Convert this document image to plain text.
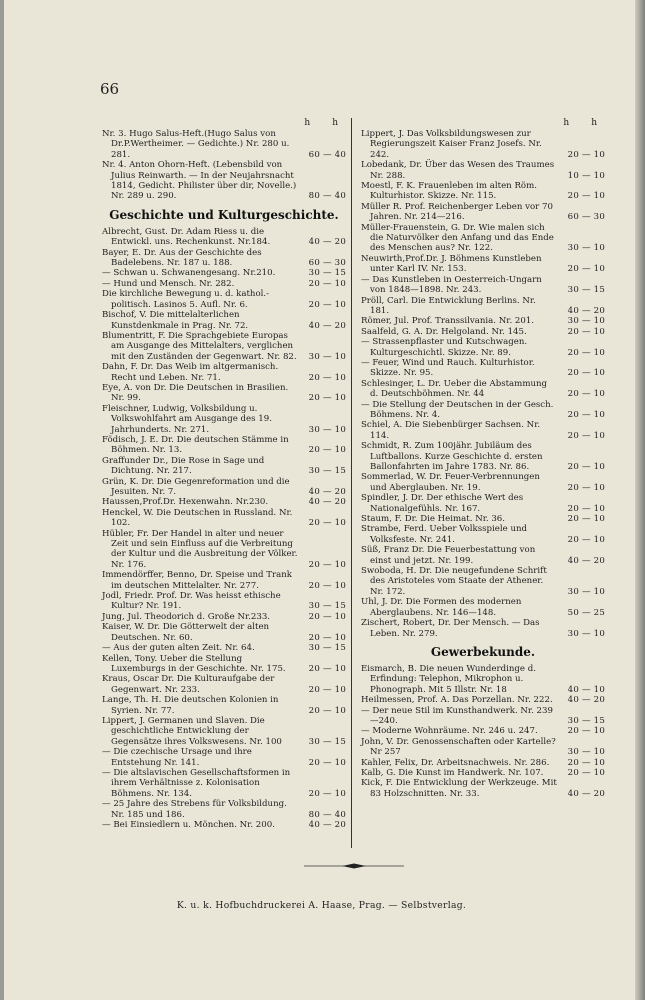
66
h h
Nr. 3. Hugo Salus-Heft.(Hugo Salus von Dr.P.Wertheimer. — Gedichte.) Nr. 280 u. 281.	60 — 40
Nr. 4. Anton Ohorn-Heft. (Lebensbild von Julius Reinwarth. — In der Neujahrsnacht 1814, Gedicht. Philister über dir, Novelle.) Nr. 289 u. 290.	80 — 40
Geschichte und Kulturgeschichte.
Albrecht, Gust. Dr. Adam Riess u. die Entwickl. uns. Rechenkunst. Nr.184.	40 — 20
Bayer, E. Dr. Aus der Geschichte des Badelebens. Nr. 187 u. 188.	60 — 30
— Schwan u. Schwanengesang. Nr.210.	30 — 15
— Hund und Mensch. Nr. 282.	20 — 10
Die kirchliche Bewegung u. d. kathol.-politisch. Lasinos 5. Aufl. Nr. 6.	20 — 10
Bischof, V. Die mittelalterlichen Kunstdenkmale in Prag. Nr. 72.	40 — 20
Blumentritt, F. Die Sprachgebiete Europas am Ausgange des Mittelalters, verglichen mit den Zuständen der Gegenwart. Nr. 82.	30 — 10
Dahn, F. Dr. Das Weib im altgermanisch. Recht und Leben. Nr. 71.	20 — 10
Eye, A. von Dr. Die Deutschen in Brasilien. Nr. 99.	20 — 10
Fleischner, Ludwig, Volksbildung u. Volkswohlfahrt am Ausgange des 19. Jahrhunderts. Nr. 271.	30 — 10
Födisch, J. E. Dr. Die deutschen Stämme in Böhmen. Nr. 13.	20 — 10
Graffunder Dr., Die Rose in Sage und Dichtung. Nr. 217.	30 — 15
Grün, K. Dr. Die Gegenreformation und die Jesuiten. Nr. 7.	40 — 20
Haussen,Prof.Dr. Hexenwahn. Nr.230.	40 — 20
Henckel, W. Die Deutschen in Russland. Nr. 102.	20 — 10
Hübler, Fr. Der Handel in alter und neuer Zeit und sein Einfluss auf die Verbreitung der Kultur und die Ausbreitung der Völker. Nr. 176.	20 — 10
Immendörffer, Benno, Dr. Speise und Trank im deutschen Mittelalter. Nr. 277.	20 — 10
Jodl, Friedr. Prof. Dr. Was heisst ethische Kultur? Nr. 191.	30 — 15
Jung, Jul. Theodorich d. Große Nr.233.	20 — 10
Kaiser, W. Dr. Die Götterwelt der alten Deutschen. Nr. 60.	20 — 10
— Aus der guten alten Zeit. Nr. 64.	30 — 15
Kellen, Tony. Ueber die Stellung Luxemburgs in der Geschichte. Nr. 175.	20 — 10
Kraus, Oscar Dr. Die Kulturaufgabe der Gegenwart. Nr. 233.	20 — 10
Lange, Th. H. Die deutschen Kolonien in Syrien. Nr. 77.	20 — 10
Lippert, J. Germanen und Slaven. Die geschichtliche Entwicklung der Gegensätze ihres Volkswesens. Nr. 100	30 — 15
— Die czechische Ursage und ihre Entstehung Nr. 141.	20 — 10
— Die altslavischen Gesellschaftsformen in ihrem Verhältnisse z. Kolonisation Böhmens. Nr. 134.	20 — 10
— 25 Jahre des Strebens für Volksbildung. Nr. 185 und 186.	80 — 40
— Bei Einsiedlern u. Mönchen. Nr. 200.	40 — 20
h h
Lippert, J. Das Volksbildungswesen zur Regierungszeit Kaiser Franz Josefs. Nr. 242.	20 — 10
Lobedank, Dr. Über das Wesen des Traumes Nr. 288.	10 — 10
Moestl, F. K. Frauenleben im alten Röm. Kulturhistor. Skizze. Nr. 115.	20 — 10
Müller R. Prof. Reichenberger Leben vor 70 Jahren. Nr. 214—216.	60 — 30
Müller-Frauenstein, G. Dr. Wie malen sich die Naturvölker den Anfang und das Ende des Menschen aus? Nr. 122.	30 — 10
Neuwirth,Prof.Dr. J. Böhmens Kunstleben unter Karl IV. Nr. 153.	20 — 10
— Das Kunstleben in Oesterreich-Ungarn von 1848—1898. Nr. 243.	30 — 15
Pröll, Carl. Die Entwicklung Berlins. Nr. 181.	40 — 20
Römer, Jul. Prof. Transsilvania. Nr. 201.	30 — 10
Saalfeld, G. A. Dr. Helgoland. Nr. 145.	20 — 10
— Strassenpflaster und Kutschwagen. Kulturgeschichtl. Skizze. Nr. 89.	20 — 10
— Feuer, Wind und Rauch. Kulturhistor. Skizze. Nr. 95.	20 — 10
Schlesinger, L. Dr. Ueber die Abstammung d. Deutschböhmen. Nr. 44	20 — 10
— Die Stellung der Deutschen in der Gesch. Böhmens. Nr. 4.	20 — 10
Schiel, A. Die Siebenbürger Sachsen. Nr. 114.	20 — 10
Schmidt, R. Zum 100jähr. Jubiläum des Luftballons. Kurze Geschichte d. ersten Ballonfahrten im Jahre 1783. Nr. 86.	20 — 10
Sommerlad, W. Dr. Feuer-Verbrennungen und Aberglauben. Nr. 19.	20 — 10
Spindler, J. Dr. Der ethische Wert des Nationalgefühls. Nr. 167.	20 — 10
Staum, F. Dr. Die Heimat. Nr. 36.	20 — 10
Strambe, Ferd. Ueber Volksspiele und Volksfeste. Nr. 241.	20 — 10
Süß, Franz Dr. Die Feuerbestattung von einst und jetzt. Nr. 199.	40 — 20
Swoboda, H. Dr. Die neugefundene Schrift des Aristoteles vom Staate der Athener. Nr. 172.	30 — 10
Uhl, J. Dr. Die Formen des modernen Aberglaubens. Nr. 146—148.	50 — 25
Zischert, Robert, Dr. Der Mensch. — Das Leben. Nr. 279.	30 — 10
Gewerbekunde.
Eismarch, B. Die neuen Wunderdinge d. Erfindung: Telephon, Mikrophon u. Phonograph. Mit 5 Illstr. Nr. 18	40 — 10
Heilmessen, Prof. A. Das Porzellan. Nr. 222.	40 — 20
— Der neue Stil im Kunsthandwerk. Nr. 239—240.	30 — 15
— Moderne Wohnräume. Nr. 246 u. 247.	20 — 10
John, V. Dr. Genossenschaften oder Kartelle? Nr 257	30 — 10
Kahler, Felix, Dr. Arbeitsnachweis. Nr. 286.	20 — 10
Kalb, G. Die Kunst im Handwerk. Nr. 107.	20 — 10
Kick, F. Die Entwicklung der Werkzeuge. Mit 83 Holzschnitten. Nr. 33.	40 — 20
K. u. k. Hofbuchdruckerei A. Haase, Prag. — Selbstverlag.
